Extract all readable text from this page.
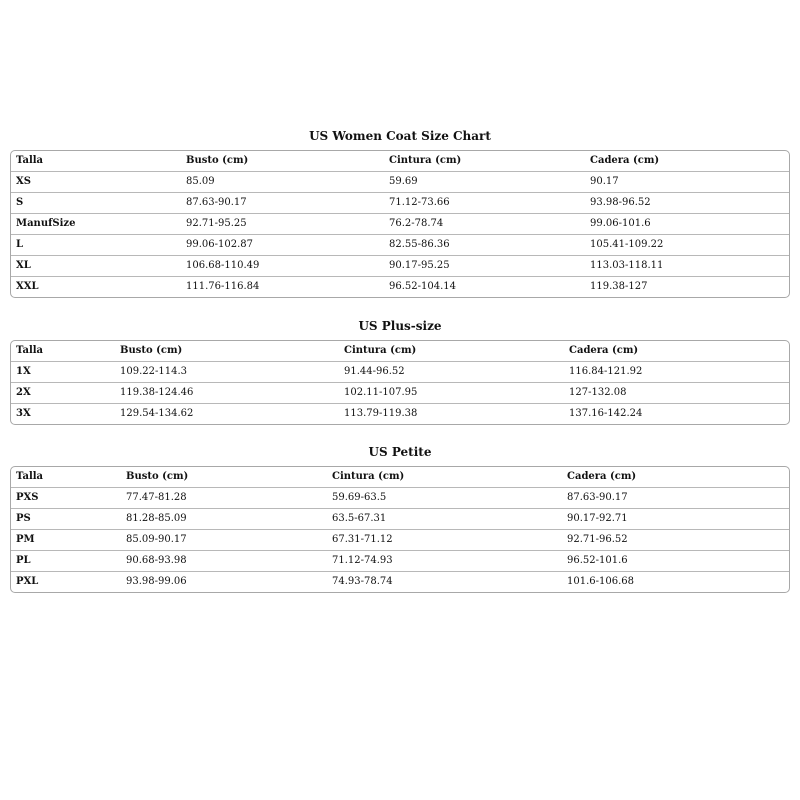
US Women Coat Size Chart
Talla	Busto (cm)	Cintura (cm)	Cadera (cm)
XS	85.09	59.69	90.17
S	87.63-90.17	71.12-73.66	93.98-96.52
ManufSize	92.71-95.25	76.2-78.74	99.06-101.6
L	99.06-102.87	82.55-86.36	105.41-109.22
XL	106.68-110.49	90.17-95.25	113.03-118.11
XXL	111.76-116.84	96.52-104.14	119.38-127
US Plus-size
Talla	Busto (cm)	Cintura (cm)	Cadera (cm)
1X	109.22-114.3	91.44-96.52	116.84-121.92
2X	119.38-124.46	102.11-107.95	127-132.08
3X	129.54-134.62	113.79-119.38	137.16-142.24
US Petite
Talla	Busto (cm)	Cintura (cm)	Cadera (cm)
PXS	77.47-81.28	59.69-63.5	87.63-90.17
PS	81.28-85.09	63.5-67.31	90.17-92.71
PM	85.09-90.17	67.31-71.12	92.71-96.52
PL	90.68-93.98	71.12-74.93	96.52-101.6
PXL	93.98-99.06	74.93-78.74	101.6-106.68
